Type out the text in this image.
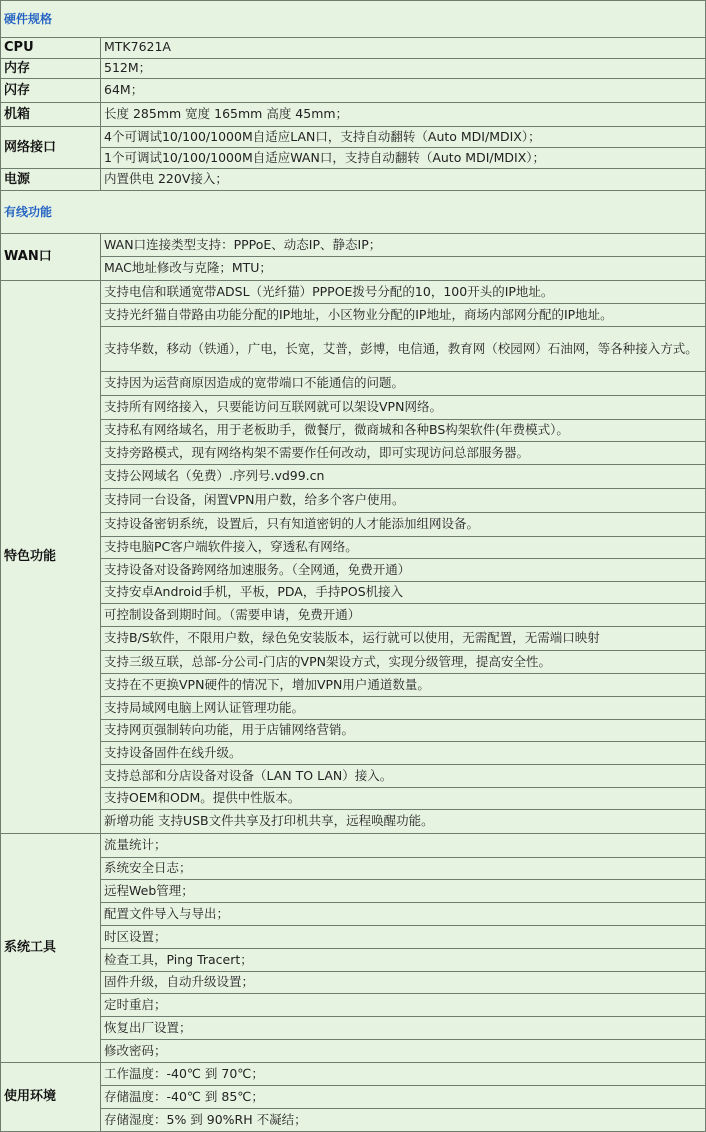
硬件规格	
CPU	MTK7621A
内存	512M；
闪存	64M；
机箱	长度 285mm 宽度 165mm 高度 45mm；
网络接口	4个可调试10/100/1000M自适应LAN口，支持自动翻转（Auto MDI/MDIX）；
	1个可调试10/100/1000M自适应WAN口，支持自动翻转（Auto MDI/MDIX）；
电源	内置供电 220V接入；
有线功能	
WAN口	WAN口连接类型支持：PPPoE、动态IP、静态IP；
	MAC地址修改与克隆；MTU；
特色功能	支持电信和联通宽带ADSL（光纤猫）PPPOE拨号分配的10，100开头的IP地址。
	支持光纤猫自带路由功能分配的IP地址，小区物业分配的IP地址，商场内部网分配的IP地址。
	支持华数，移动（铁通），广电，长宽，艾普，彭博，电信通，教育网（校园网）石油网，等各种接入方式。
	支持因为运营商原因造成的宽带端口不能通信的问题。
	支持所有网络接入，只要能访问互联网就可以架设VPN网络。
	支持私有网络域名，用于老板助手，微餐厅，微商城和各种BS构架软件(年费模式）。
	支持旁路模式，现有网络构架不需要作任何改动，即可实现访问总部服务器。
	支持公网域名（免费）.序列号.vd99.cn
	支持同一台设备，闲置VPN用户数，给多个客户使用。
	支持设备密钥系统，设置后，只有知道密钥的人才能添加组网设备。
	支持电脑PC客户端软件接入，穿透私有网络。
	支持设备对设备跨网络加速服务。（全网通，免费开通）
	支持安卓Android手机，平板，PDA，手持POS机接入
	可控制设备到期时间。（需要申请，免费开通）
	支持B/S软件，不限用户数，绿色免安装版本，运行就可以使用，无需配置，无需端口映射
	支持三级互联，总部-分公司-门店的VPN架设方式，实现分级管理，提高安全性。
	支持在不更换VPN硬件的情况下，增加VPN用户通道数量。
	支持局域网电脑上网认证管理功能。
	支持网页强制转向功能，用于店铺网络营销。
	支持设备固件在线升级。
	支持总部和分店设备对设备（LAN TO LAN）接入。
	支持OEM和ODM。提供中性版本。
	新增功能 支持USB文件共享及打印机共享，远程唤醒功能。
系统工具	流量统计；
	系统安全日志；
	远程Web管理；
	配置文件导入与导出；
	时区设置；
	检查工具，Ping Tracert；
	固件升级，自动升级设置；
	定时重启；
	恢复出厂设置；
	修改密码；
使用环境	工作温度：-40℃ 到 70℃；
	存储温度：-40℃ 到 85℃；
	存储湿度：5% 到 90%RH 不凝结；
